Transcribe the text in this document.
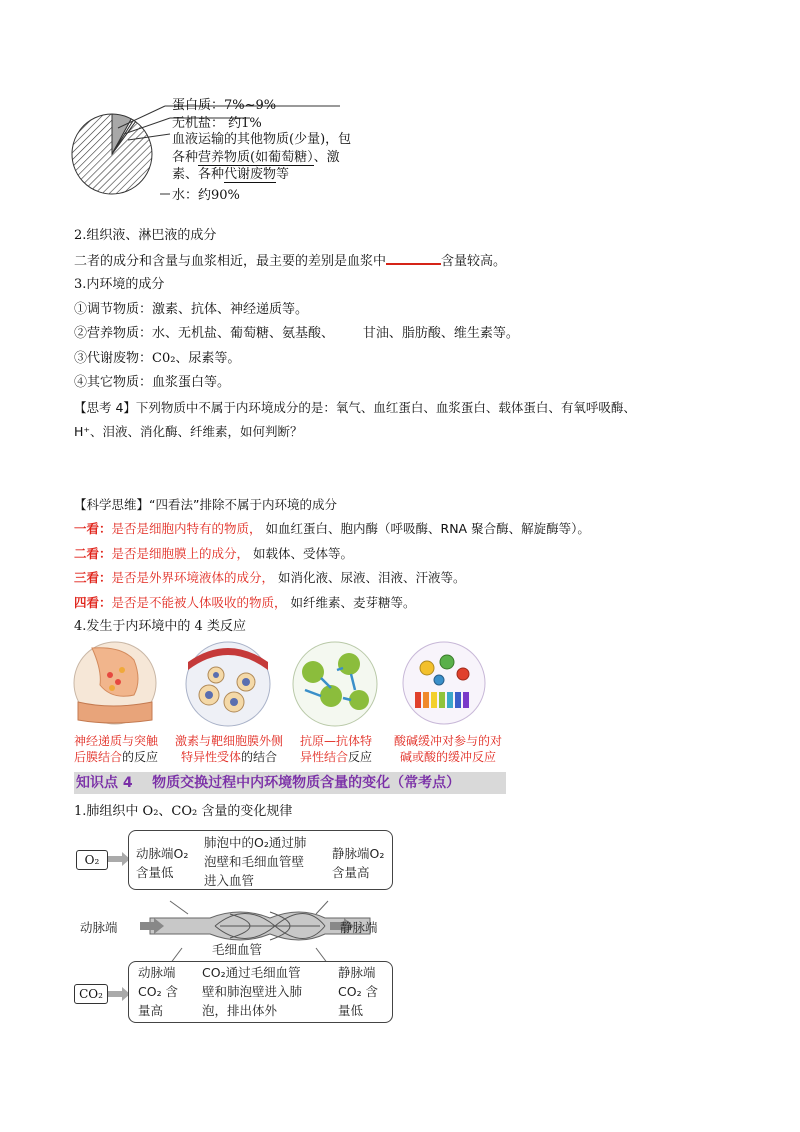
蛋白质：7%~9%
无机盐： 约1%
血液运输的其他物质(少量)，包
各种营养物质(如葡萄糖）、激
素、各种代谢废物等
水：约90%
2.组织液、淋巴液的成分
二者的成分和含量与血浆相近，最主要的差别是血浆中	含量较高。
3.内环境的成分
①调节物质：激素、抗体、神经递质等。
②营养物质：水、无机盐、葡萄糖、氨基酸、       甘油、脂肪酸、维生素等。
③代谢废物：C0₂、尿素等。
④其它物质：血浆蛋白等。
【思考 4】下列物质中不属于内环境成分的是：氧气、血红蛋白、血浆蛋白、载体蛋白、有氧呼吸酶、
H⁺、泪液、消化酶、纤维素，如何判断？
【科学思维】“四看法”排除不属于内环境的成分
一看：是否是细胞内特有的物质， 如血红蛋白、胞内酶（呼吸酶、RNA 聚合酶、解旋酶等）。
二看：是否是细胞膜上的成分， 如载体、受体等。
三看：是否是外界环境液体的成分， 如消化液、尿液、泪液、汗液等。
四看：是否是不能被人体吸收的物质， 如纤维素、麦芽糖等。
4.发生于内环境中的 4 类反应
神经递质与突触
后膜结合的反应
激素与靶细胞膜外侧
特异性受体的结合
抗原—抗体特
异性结合反应
酸碱缓冲对参与的对
碱或酸的缓冲反应
知识点 4    物质交换过程中内环境物质含量的变化（常考点）
1.肺组织中 O₂、CO₂ 含量的变化规律
O₂
CO₂
动脉端O₂
含量低
肺泡中的O₂通过肺
泡壁和毛细血管壁
进入血管
静脉端O₂
含量高
动脉端
CO₂ 含
量高
CO₂通过毛细血管
壁和肺泡壁进入肺
泡，排出体外
静脉端
CO₂ 含
量低
动脉端	静脉端
毛细血管
